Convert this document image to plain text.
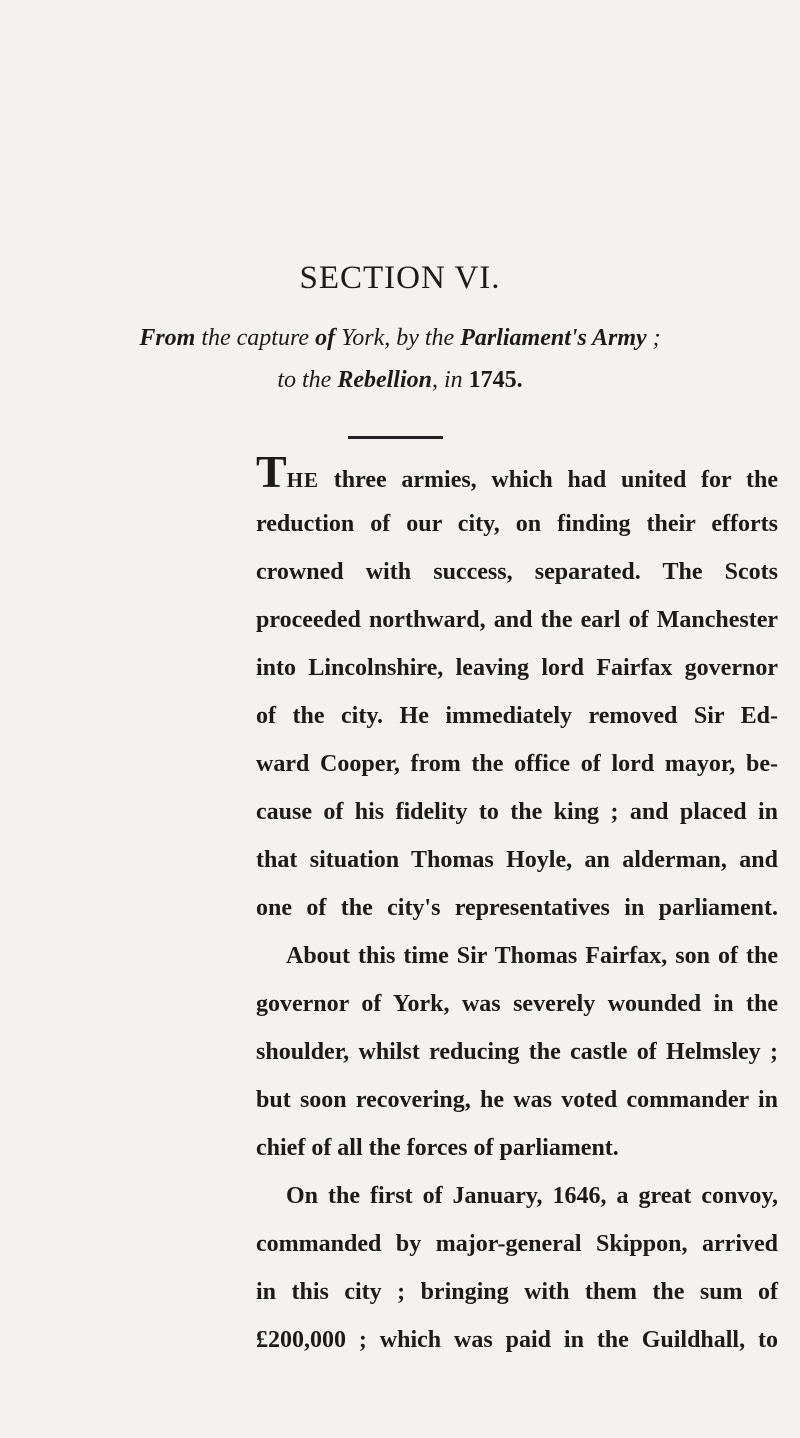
SECTION VI.
From the capture of York, by the Parliament's Army ;
to the Rebellion, in 1745.
THE three armies, which had united for the
reduction of our city, on finding their efforts
crowned with success, separated. The Scots
proceeded northward, and the earl of Manchester
into Lincolnshire, leaving lord Fairfax governor
of the city. He immediately removed Sir Ed-
ward Cooper, from the office of lord mayor, be-
cause of his fidelity to the king ; and placed in
that situation Thomas Hoyle, an alderman, and
one of the city's representatives in parliament.
About this time Sir Thomas Fairfax, son of the
governor of York, was severely wounded in the
shoulder, whilst reducing the castle of Helmsley ;
but soon recovering, he was voted commander in
chief of all the forces of parliament.
On the first of January, 1646, a great convoy,
commanded by major-general Skippon, arrived
in this city ; bringing with them the sum of
£200,000 ; which was paid in the Guildhall, to
